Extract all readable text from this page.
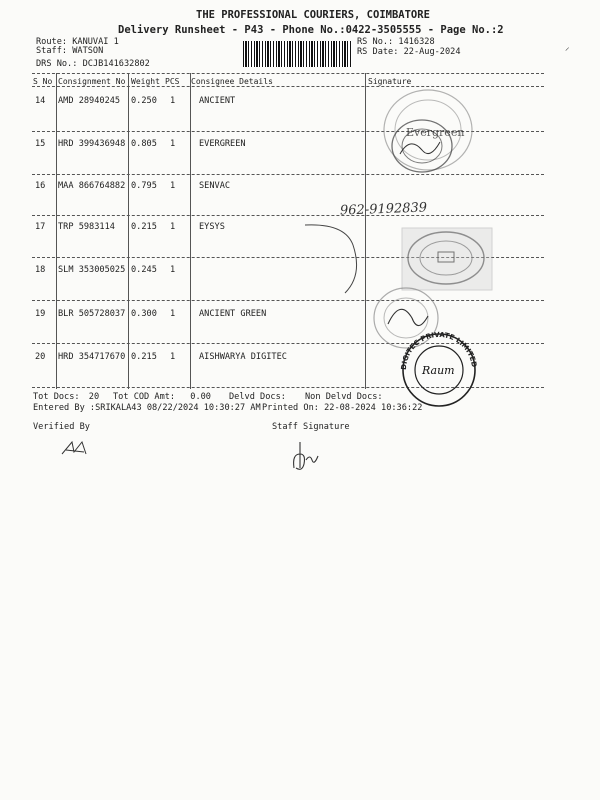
THE PROFESSIONAL COURIERS, COIMBATORE
Delivery Runsheet - P43 - Phone No.:0422-3505555 - Page No.:2
Route: KANUVAI 1
Staff: WATSON
DRS No.: DCJB141632802
RS No.: 1416328
RS Date: 22-Aug-2024	⸝
S No Consignment No Weight PCS Consignee Details	Signature
14 AMD 28940245 0.250 1	ANCIENT
15 HRD 399436948 0.805 1	EVERGREEN
16 MAA 866764882 0.795 1	SENVAC
17 TRP 5983114 0.215 1	EYSYS
18 SLM 353005025 0.245 1
19 BLR 505728037 0.300 1	ANCIENT GREEN
20 HRD 354717670 0.215 1	AISHWARYA DIGITEC
Evergreen
962-9192839
DIGITEC PRIVATE LIMITED
Raum
Tot Docs: 20 Tot COD Amt: 0.00 Delvd Docs: Non Delvd Docs:
Entered By :SRIKALA43 08/22/2024 10:30:27 AM Printed On: 22-08-2024 10:36:22
Verified By	Staff Signature
